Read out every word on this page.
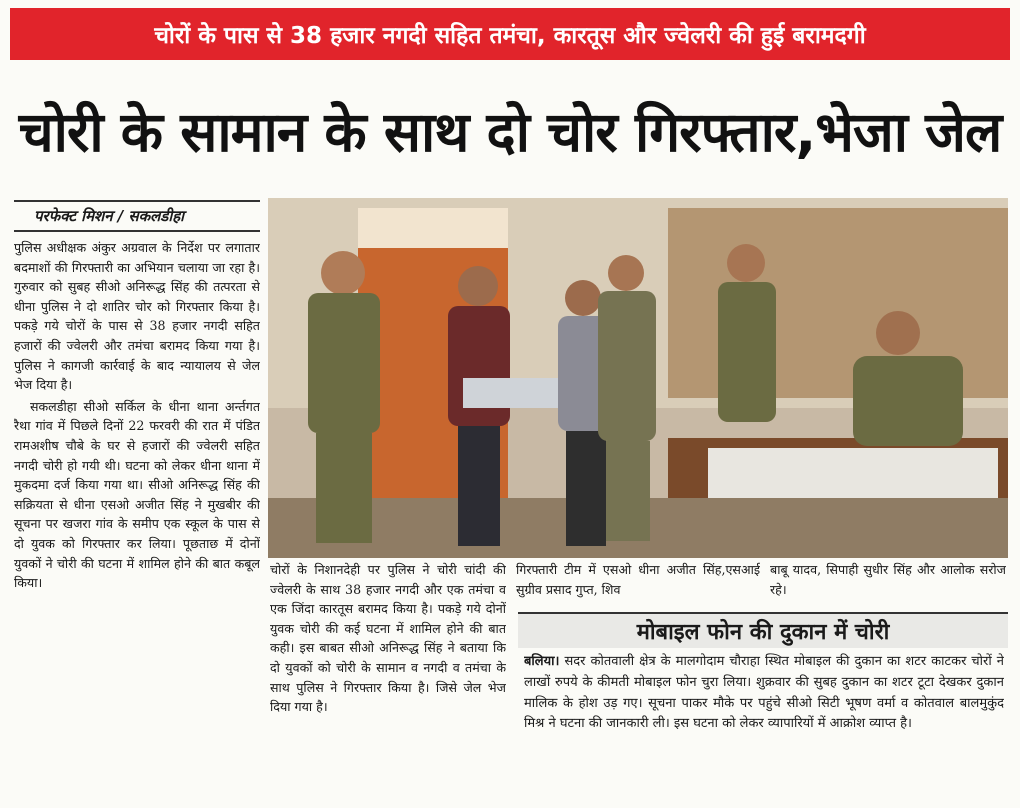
चोरों के पास से 38 हजार नगदी सहित तमंचा, कारतूस और ज्वेलरी की हुई बरामदगी
चोरी के सामान के साथ दो चोर गिरफ्तार,भेजा जेल
परफेक्ट मिशन / सकलडीहा

पुलिस अधीक्षक अंकुर अग्रवाल के निर्देश पर लगातार बदमाशों की गिरफ्तारी का अभियान चलाया जा रहा है। गुरुवार को सुबह सीओ अनिरूद्ध सिंह की तत्परता से धीना पुलिस ने दो शातिर चोर को गिरफ्तार किया है। पकड़े गये चोरों के पास से 38 हजार नगदी सहित हजारों की ज्वेलरी और तमंचा बरामद किया गया है। पुलिस ने कागजी कार्रवाई के बाद न्यायालय से जेल भेज दिया है।

सकलडीहा सीओ सर्किल के धीना थाना अर्न्तगत रैथा गांव में पिछले दिनों 22 फरवरी की रात में पंडित रामअशीष चौबे के घर से हजारों की ज्वेलरी सहित नगदी चोरी हो गयी थी। घटना को लेकर धीना थाना में मुकदमा दर्ज किया गया था। सीओ अनिरूद्ध सिंह की सक्रियता से धीना एसओ अजीत सिंह ने मुखबीर की सूचना पर खजरा गांव के समीप एक स्कूल के पास से दो युवक को गिरफ्तार कर लिया। पूछताछ में दोनों युवकों ने चोरी की घटना में शामिल होने की बात कबूल किया।

चोरों के निशानदेही पर पुलिस ने चोरी चांदी की ज्वेलरी के साथ 38 हजार नगदी और एक तमंचा व एक जिंदा कारतूस बरामद किया है। पकड़े गये दोनों युवक चोरी की कई घटना में शामिल होने की बात कही। इस बाबत सीओ अनिरूद्ध सिंह ने बताया कि दो युवकों को चोरी के सामान व नगदी व तमंचा के साथ पुलिस ने गिरफ्तार किया है। जिसे जेल भेज दिया गया है।
गिरफ्तारी टीम में एसओ धीना अजीत सिंह,एसआई सुग्रीव प्रसाद गुप्त, शिव
बाबू यादव, सिपाही सुधीर सिंह और आलोक सरोज रहे।
मोबाइल फोन की दुकान में चोरी
बलिया। सदर कोतवाली क्षेत्र के मालगोदाम चौराहा स्थित मोबाइल की दुकान का शटर काटकर चोरों ने लाखों रुपये के कीमती मोबाइल फोन चुरा लिया। शुक्रवार की सुबह दुकान का शटर टूटा देखकर दुकान मालिक के होश उड़ गए। सूचना पाकर मौके पर पहुंचे सीओ सिटी भूषण वर्मा व कोतवाल बालमुकुंद मिश्र ने घटना की जानकारी ली। इस घटना को लेकर व्यापारियों में आक्रोश व्याप्त है।
